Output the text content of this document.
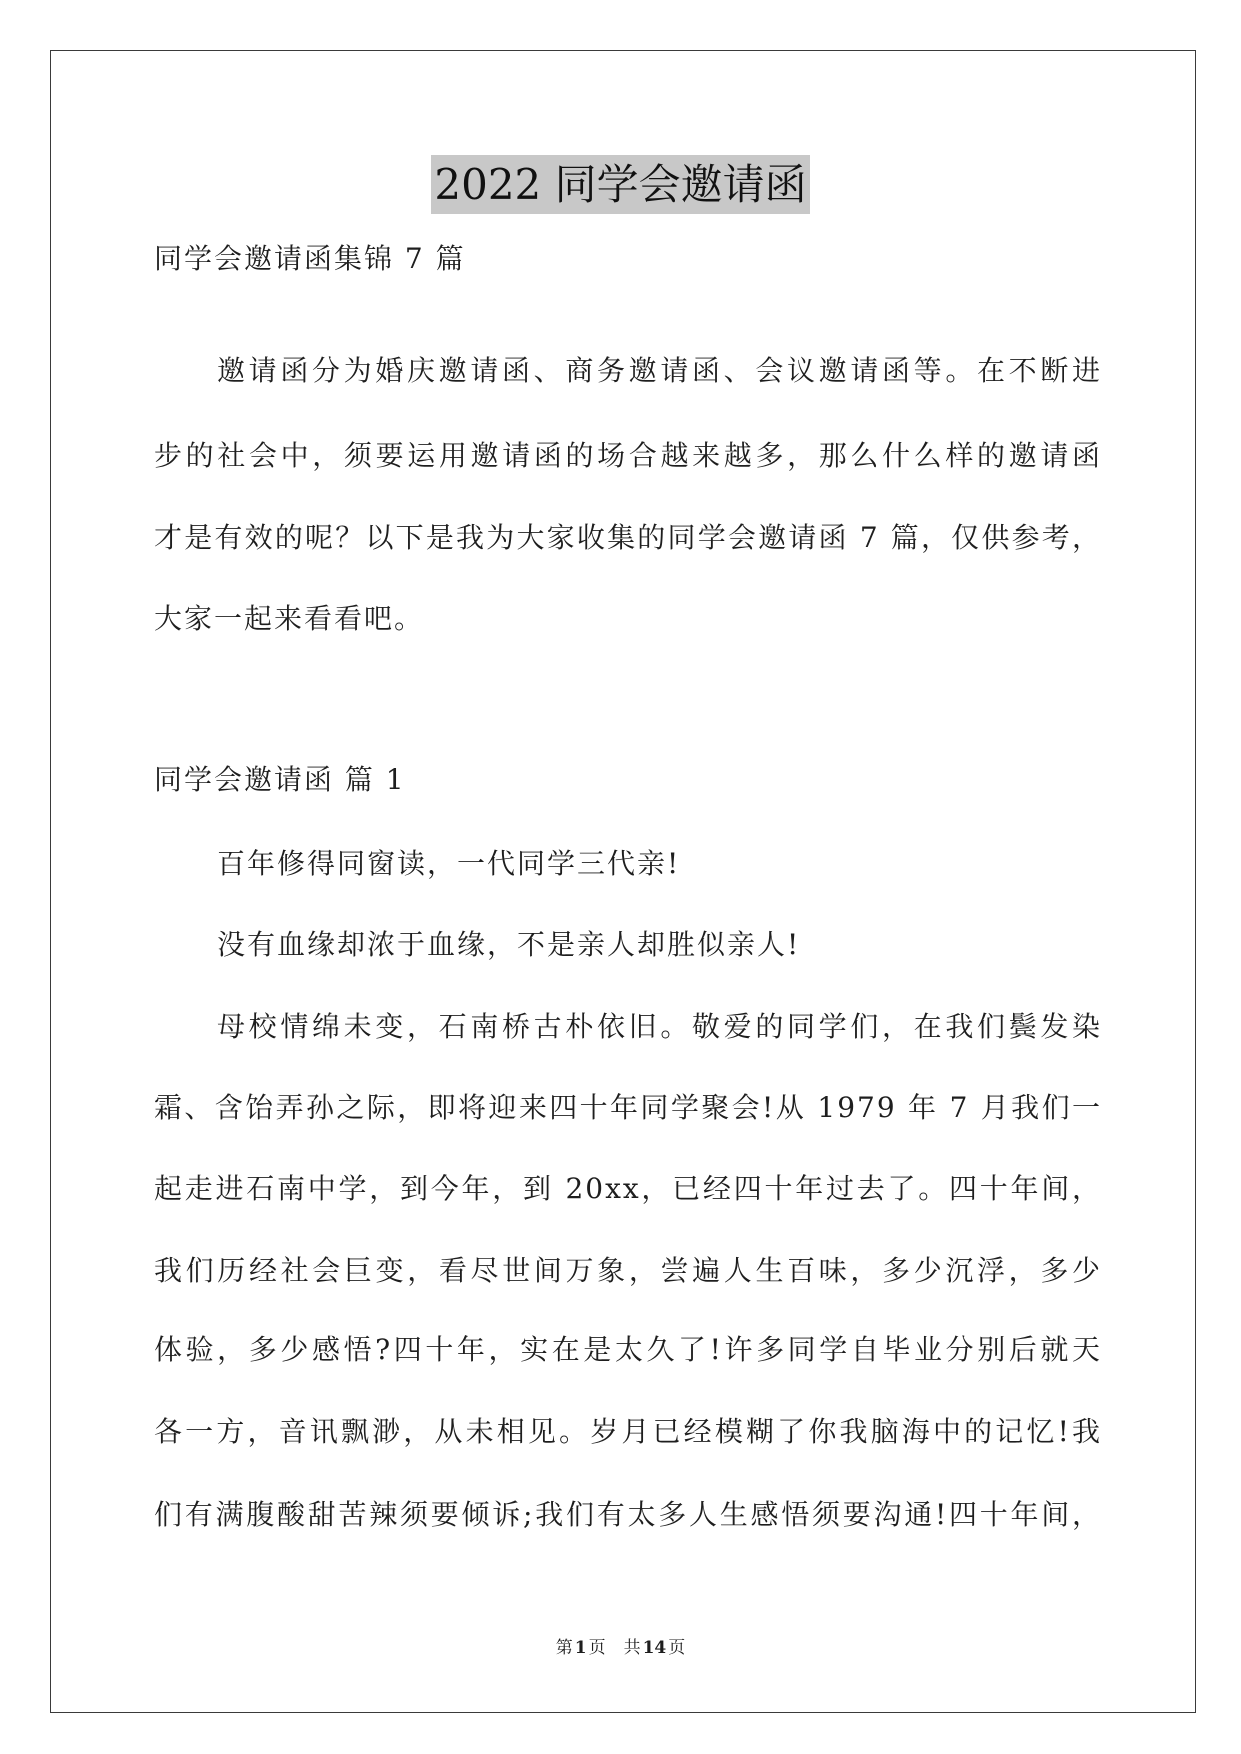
2022 同学会邀请函
同学会邀请函集锦 7 篇
邀请函分为婚庆邀请函、商务邀请函、会议邀请函等。在不断进
步的社会中，须要运用邀请函的场合越来越多，那么什么样的邀请函
才是有效的呢？以下是我为大家收集的同学会邀请函 7 篇，仅供参考，
大家一起来看看吧。
同学会邀请函 篇 1
百年修得同窗读，一代同学三代亲!
没有血缘却浓于血缘，不是亲人却胜似亲人!
母校情绵未变，石南桥古朴依旧。敬爱的同学们，在我们鬓发染
霜、含饴弄孙之际，即将迎来四十年同学聚会!从 1979 年 7 月我们一
起走进石南中学，到今年，到 20xx，已经四十年过去了。四十年间，
我们历经社会巨变，看尽世间万象，尝遍人生百味，多少沉浮，多少
体验，多少感悟?四十年，实在是太久了!许多同学自毕业分别后就天
各一方，音讯飘渺，从未相见。岁月已经模糊了你我脑海中的记忆!我
们有满腹酸甜苦辣须要倾诉;我们有太多人生感悟须要沟通!四十年间，
第 1 页 共 14 页
